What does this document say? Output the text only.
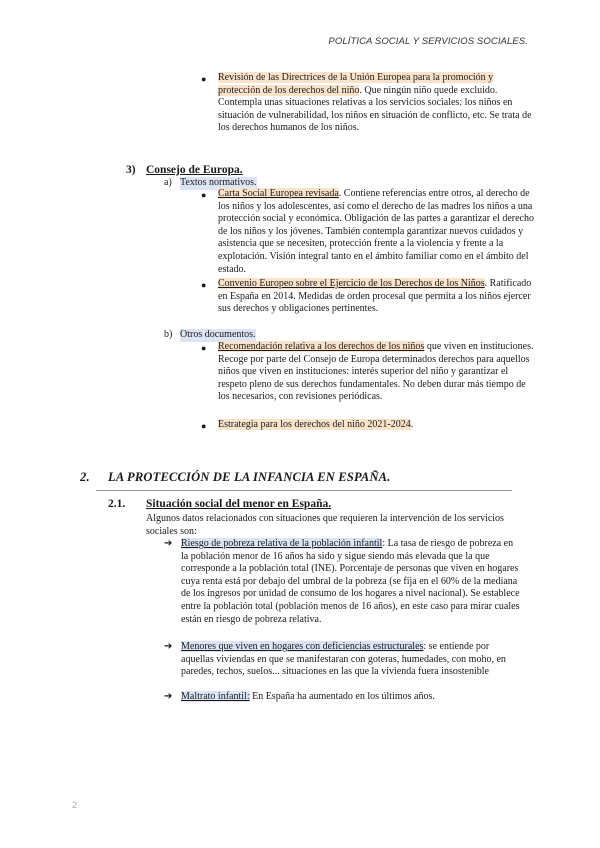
POLÍTICA SOCIAL Y SERVICIOS SOCIALES.
● Revisión de las Directrices de la Unión Europea para la promoción y protección de los derechos del niño. Que ningún niño quede excluido. Contempla unas situaciones relativas a los servicios sociales: los niños en situación de vulnerabilidad, los niños en situación de conflicto, etc. Se trata de los derechos humanos de los niños.

3) Consejo de Europa.
a) Textos normativos.
● Carta Social Europea revisada. Contiene referencias entre otros, al derecho de los niños y los adolescentes, así como el derecho de las madres los niños a una protección social y económica. Obligación de las partes a garantizar el derecho de los niños y los jóvenes. También contempla garantizar nuevos cuidados y asistencia que se necesiten, protección frente a la violencia y frente a la explotación. Visión integral tanto en el ámbito familiar como en el ámbito del estado.

● Convenio Europeo sobre el Ejercicio de los Derechos de los Niños. Ratificado en España en 2014. Medidas de orden procesal que permita a los niños ejercer sus derechos y obligaciones pertinentes.

b) Otros documentos.
● Recomendación relativa a los derechos de los niños que viven en instituciones. Recoge por parte del Consejo de Europa determinados derechos para aquellos niños que viven en instituciones: interés superior del niño y garantizar el respeto pleno de sus derechos fundamentales. No deben durar más tiempo de los necesarios, con revisiones periódicas.

● Estrategia para los derechos del niño 2021-2024.

2. LA PROTECCIÓN DE LA INFANCIA EN ESPAÑA.
2.1. Situación social del menor en España.

Algunos datos relacionados con situaciones que requieren la intervención de los servicios sociales son:

➔ Riesgo de pobreza relativa de la población infantil: La tasa de riesgo de pobreza en la población menor de 16 años ha sido y sigue siendo más elevada que la que corresponde a la población total (INE). Porcentaje de personas que viven en hogares cuya renta está por debajo del umbral de la pobreza (se fija en el 60% de la mediana de los ingresos por unidad de consumo de los hogares a nivel nacional). Se establece entre la población total (población menos de 16 años), en este caso para mirar cuales están en riesgo de pobreza relativa.

➔ Menores que viven en hogares con deficiencias estructurales: se entiende por aquellas viviendas en que se manifestaran con goteras, humedades, con moho, en paredes, techos, suelos... situaciones en las que la vivienda fuera insostenible

➔ Maltrato infantil: En España ha aumentado en los últimos años.

2
